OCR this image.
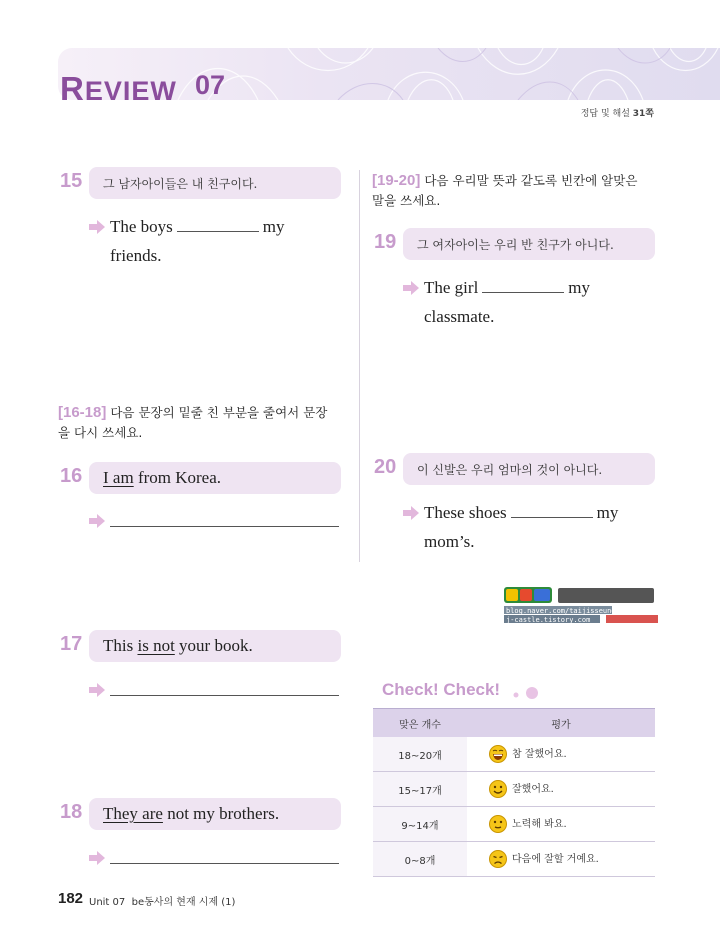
REVIEW 07
정답 및 해설 31쪽
15	그 남자아이들은 내 친구이다.
The boys	my
friends.
[19-20] 다음 우리말 뜻과 같도록 빈칸에 알맞은
말을 쓰세요.
19	그 여자아이는 우리 반 친구가 아니다.
The girl	my
classmate.
[16-18] 다음 문장의 밑줄 친 부분을 줄여서 문장
을 다시 쓰세요.
16 I am from Korea.	20	이 신발은 우리 엄마의 것이 아니다.
These shoes	my
mom’s.
blog.naver.com/taijisseung
j-castle.tistory.com
17 This is not your book.
Check! Check!
맞은 개수	평가
18~20개	참 잘했어요.
15~17개	잘했어요.
9~14개	노력해 봐요.
0~8개	다음에 잘할 거예요.
18 They are not my brothers.
182 Unit 07 be동사의 현재 시제 (1)
